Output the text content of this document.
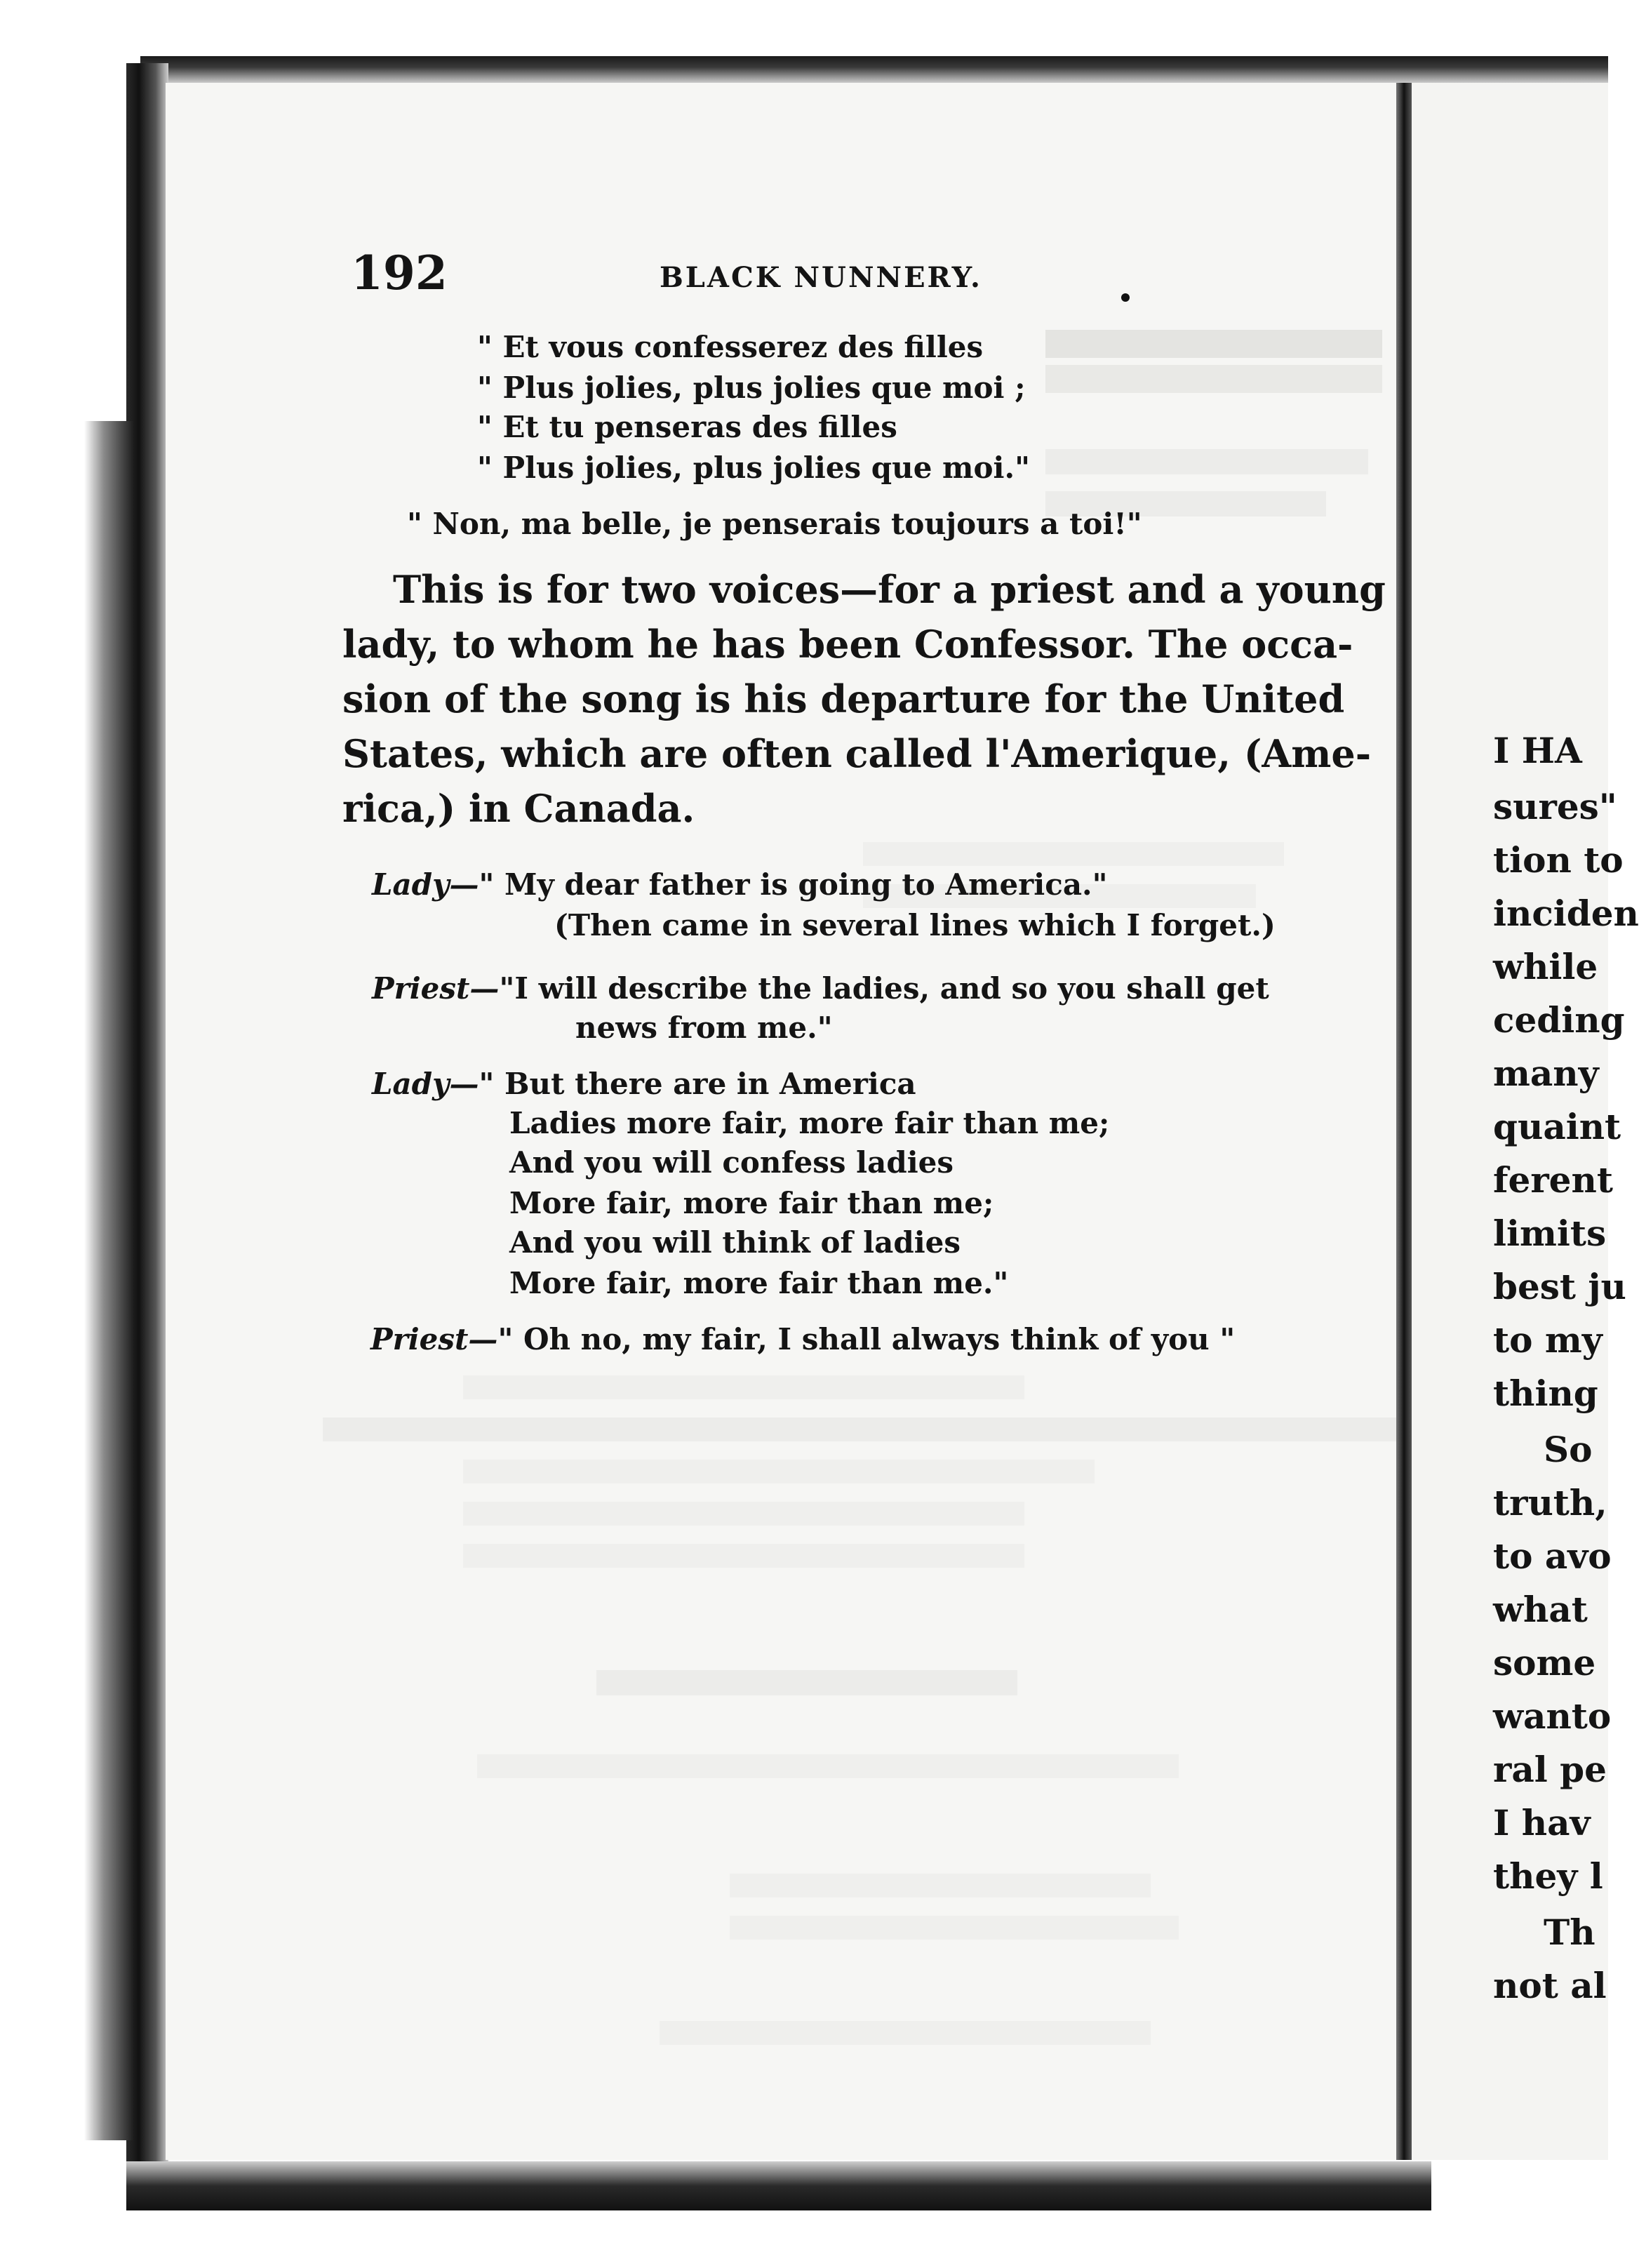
192	BLACK NUNNERY.
" Et vous confesserez des filles
" Plus jolies, plus jolies que moi ;
" Et tu penseras des filles
" Plus jolies, plus jolies que moi."
" Non, ma belle, je penserais toujours a toi!"
This is for two voices—for a priest and a young
lady, to whom he has been Confessor. The occa-
sion of the song is his departure for the United
States, which are often called l'Amerique, (Ame-
rica,) in Canada.
Lady—" My dear father is going to America."
(Then came in several lines which I forget.)
Priest—"I will describe the ladies, and so you shall get
news from me."
Lady—" But there are in America
Ladies more fair, more fair than me;
And you will confess ladies
More fair, more fair than me;
And you will think of ladies
More fair, more fair than me."
Priest—" Oh no, my fair, I shall always think of you "
I HA
sures"
tion to
inciden
while
ceding
many
quaint
ferent
limits
best ju
to my
thing
So
truth,
to avo
what
some
wanto
ral pe
I hav
they l
Th
not al
